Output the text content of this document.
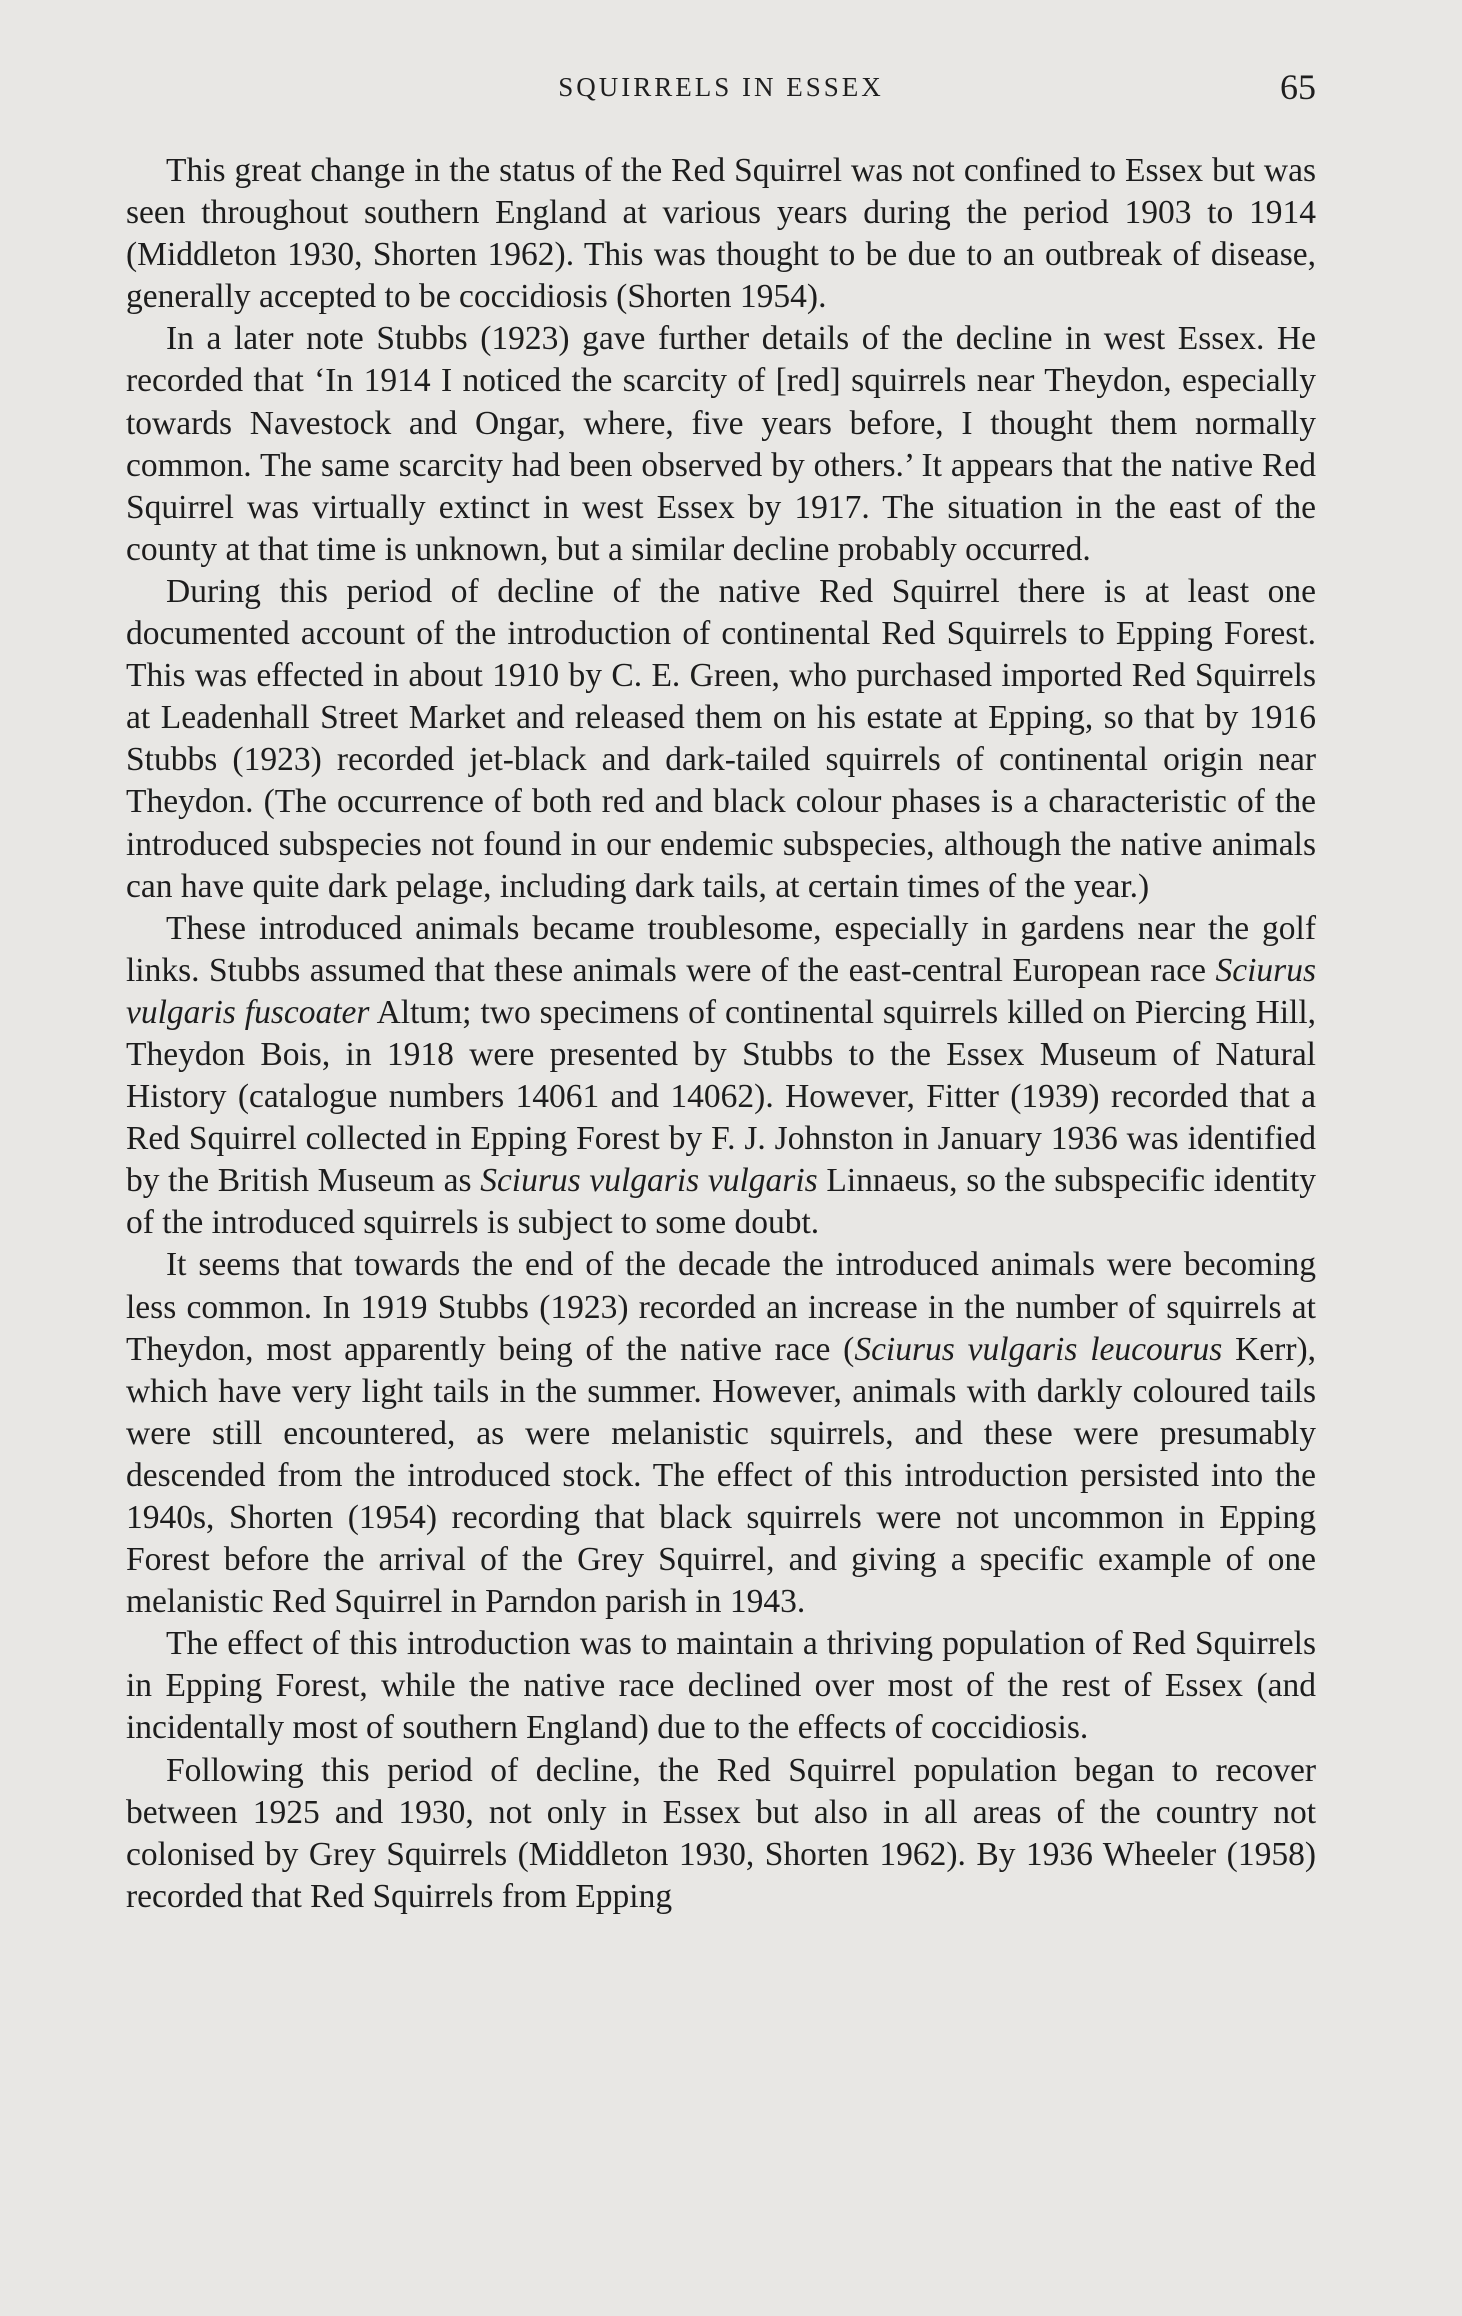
SQUIRRELS IN ESSEX	65

This great change in the status of the Red Squirrel was not confined to Essex but was seen throughout southern England at various years during the period 1903 to 1914 (Middleton 1930, Shorten 1962). This was thought to be due to an outbreak of disease, generally accepted to be coccidiosis (Shorten 1954).

In a later note Stubbs (1923) gave further details of the decline in west Essex. He recorded that ‘In 1914 I noticed the scarcity of [red] squirrels near Theydon, especially towards Navestock and Ongar, where, five years before, I thought them normally common. The same scarcity had been observed by others.’ It appears that the native Red Squirrel was virtually extinct in west Essex by 1917. The situation in the east of the county at that time is unknown, but a similar decline probably occurred.

During this period of decline of the native Red Squirrel there is at least one documented account of the introduction of continental Red Squirrels to Epping Forest. This was effected in about 1910 by C. E. Green, who purchased imported Red Squirrels at Leadenhall Street Market and released them on his estate at Epping, so that by 1916 Stubbs (1923) recorded jet-black and dark-tailed squirrels of continental origin near Theydon. (The occurrence of both red and black colour phases is a characteristic of the introduced subspecies not found in our endemic subspecies, although the native animals can have quite dark pelage, including dark tails, at certain times of the year.)

These introduced animals became troublesome, especially in gardens near the golf links. Stubbs assumed that these animals were of the east-central European race Sciurus vulgaris fuscoater Altum; two specimens of continental squirrels killed on Piercing Hill, Theydon Bois, in 1918 were presented by Stubbs to the Essex Museum of Natural History (catalogue numbers 14061 and 14062). However, Fitter (1939) recorded that a Red Squirrel collected in Epping Forest by F. J. Johnston in January 1936 was identified by the British Museum as Sciurus vulgaris vulgaris Linnaeus, so the subspecific identity of the introduced squirrels is subject to some doubt.

It seems that towards the end of the decade the introduced animals were becoming less common. In 1919 Stubbs (1923) recorded an increase in the number of squirrels at Theydon, most apparently being of the native race (Sciurus vulgaris leucourus Kerr), which have very light tails in the summer. However, animals with darkly coloured tails were still encountered, as were melanistic squirrels, and these were presumably descended from the introduced stock. The effect of this introduction persisted into the 1940s, Shorten (1954) recording that black squirrels were not uncommon in Epping Forest before the arrival of the Grey Squirrel, and giving a specific example of one melanistic Red Squirrel in Parndon parish in 1943.

The effect of this introduction was to maintain a thriving population of Red Squirrels in Epping Forest, while the native race declined over most of the rest of Essex (and incidentally most of southern England) due to the effects of coccidiosis.

Following this period of decline, the Red Squirrel population began to recover between 1925 and 1930, not only in Essex but also in all areas of the country not colonised by Grey Squirrels (Middleton 1930, Shorten 1962). By 1936 Wheeler (1958) recorded that Red Squirrels from Epping
